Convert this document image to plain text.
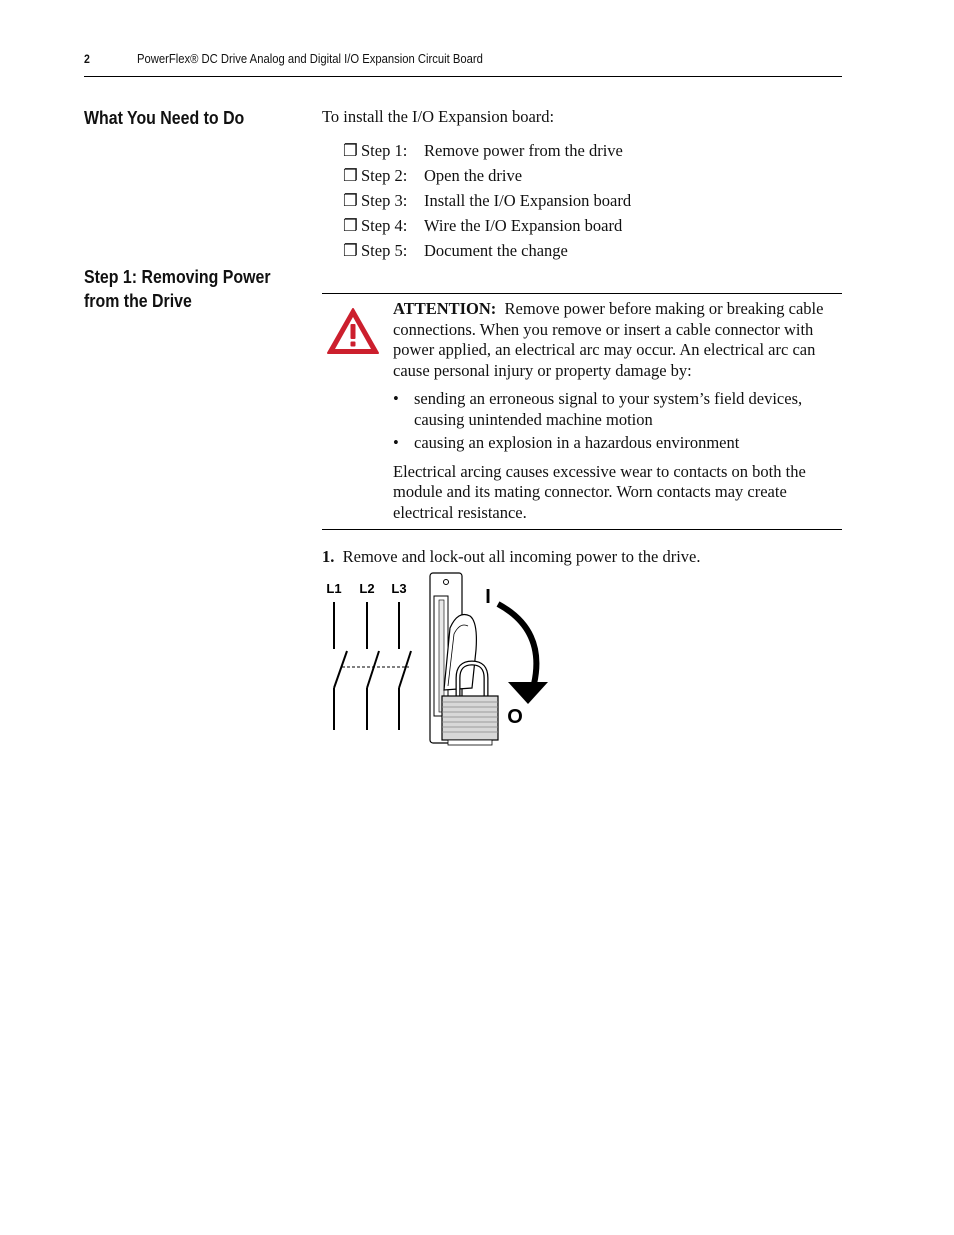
2	PowerFlex® DC Drive Analog and Digital I/O Expansion Circuit Board
What You Need to Do
Step 1: Removing Power
from the Drive
To install the I/O Expansion board:
❐ Step 1:	Remove power from the drive
❐ Step 2:	Open the drive
❐ Step 3:	Install the I/O Expansion board
❐ Step 4:	Wire the I/O Expansion board
❐ Step 5:	Document the change

ATTENTION: Remove power before making or breaking cable connections. When you remove or insert a cable connector with power applied, an electrical arc may occur. An electrical arc can cause personal injury or property damage by:

• sending an erroneous signal to your system’s field devices, causing unintended machine motion
• causing an explosion in a hazardous environment

Electrical arcing causes excessive wear to contacts on both the module and its mating connector. Worn contacts may create electrical resistance.

1. Remove and lock-out all incoming power to the drive.
L1 L2 L3	I
O
